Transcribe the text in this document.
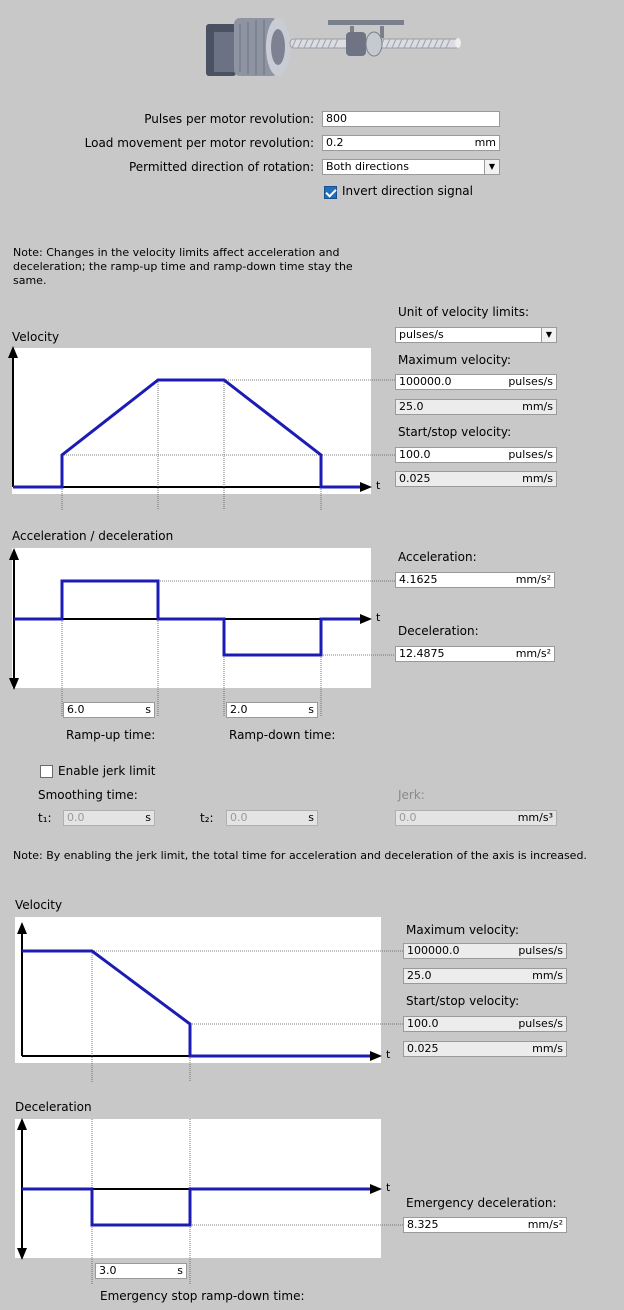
Pulses per motor revolution: 800
Load movement per motor revolution: 0.2	mm
Permitted direction of rotation:	Both directions	▼
Invert direction signal
Note: Changes in the velocity limits affect acceleration and deceleration; the ramp-up time and ramp-down time stay the same.
Velocity
t
Unit of velocity limits:
pulses/s	▼
Maximum velocity:
100000.0	pulses/s
25.0	mm/s
Start/stop velocity:
100.0	pulses/s
0.025	mm/s
Acceleration / deceleration
t
Acceleration:
4.1625	mm/s²
Deceleration:
12.4875	mm/s²
6.0	s	2.0	s
Ramp-up time:	Ramp-down time:
Enable jerk limit
Smoothing time:
t₁: 0.0	s	t₂: 0.0	s
Jerk:
0.0	mm/s³
Note: By enabling the jerk limit, the total time for acceleration and deceleration of the axis is increased.
Velocity
t
Maximum velocity:
100000.0	pulses/s
25.0	mm/s
Start/stop velocity:
100.0	pulses/s
0.025	mm/s
Deceleration
t
Emergency deceleration:
8.325	mm/s²
3.0	s
Emergency stop ramp-down time:
